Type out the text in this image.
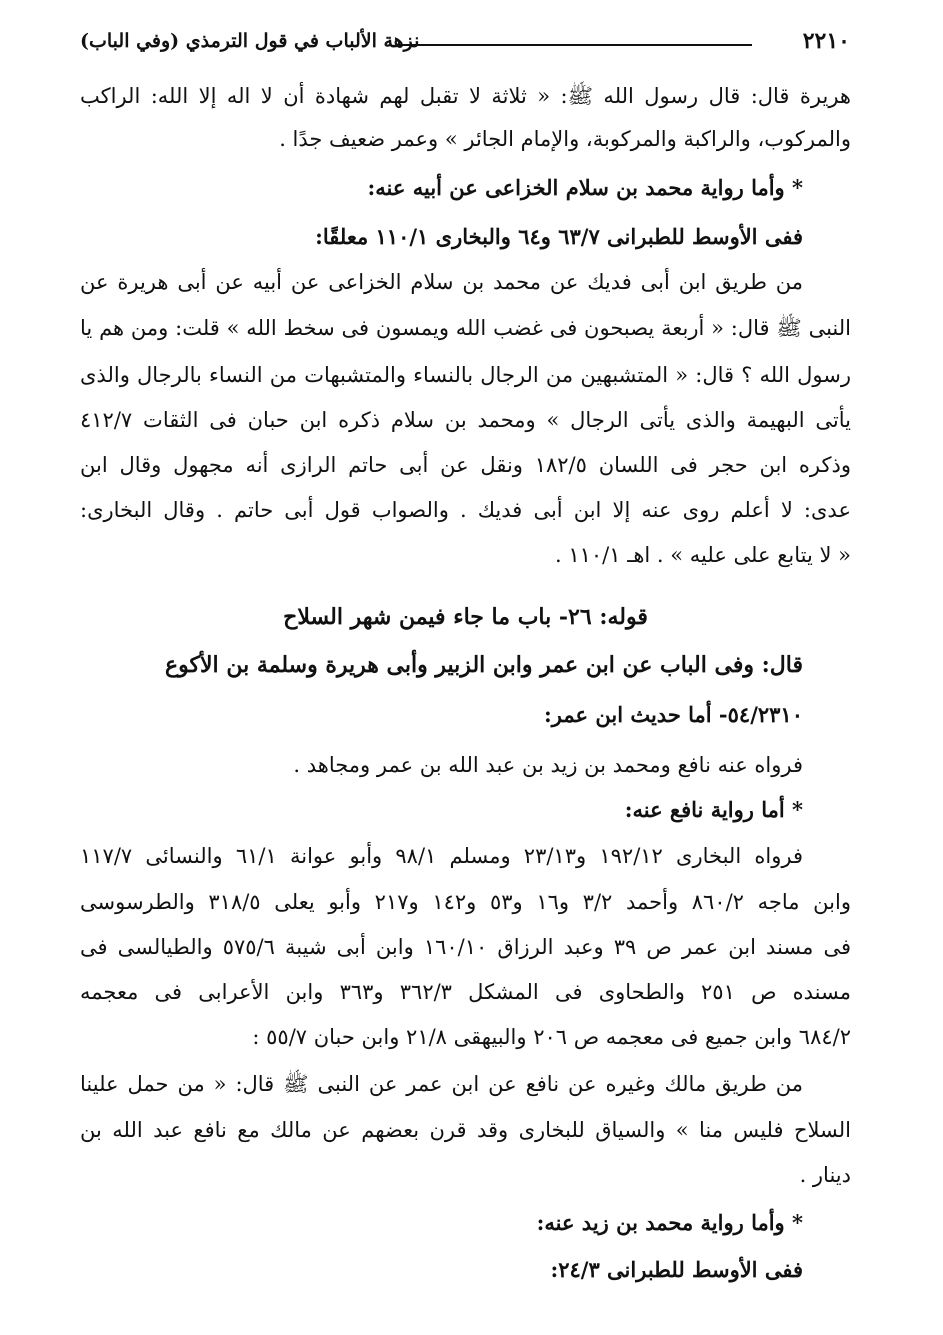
٢٢١٠
نزهة الألباب في قول الترمذي (وفي الباب)
هريرة قال: قال رسول الله ﷺ: « ثلاثة لا تقبل لهم شهادة أن لا اله إلا الله: الراكب
والمركوب، والراكبة والمركوبة، والإمام الجائر » وعمر ضعيف جدًا .
* وأما رواية محمد بن سلام الخزاعى عن أبيه عنه:
ففى الأوسط للطبرانى ٦٣/٧ و٦٤ والبخارى ١١٠/١ معلقًا:
من طريق ابن أبى فديك عن محمد بن سلام الخزاعى عن أبيه عن أبى هريرة عن
النبى ﷺ قال: « أربعة يصبحون فى غضب الله ويمسون فى سخط الله » قلت: ومن هم يا
رسول الله ؟ قال: « المتشبهين من الرجال بالنساء والمتشبهات من النساء بالرجال والذى
يأتى البهيمة والذى يأتى الرجال » ومحمد بن سلام ذكره ابن حبان فى الثقات ٤١٢/٧
وذكره ابن حجر فى اللسان ١٨٢/٥ ونقل عن أبى حاتم الرازى أنه مجهول وقال ابن
عدى: لا أعلم روى عنه إلا ابن أبى فديك . والصواب قول أبى حاتم . وقال البخارى:
« لا يتابع على عليه » . اهـ ١١٠/١ .
قوله: ٢٦- باب ما جاء فيمن شهر السلاح
قال: وفى الباب عن ابن عمر وابن الزبير وأبى هريرة وسلمة بن الأكوع
٥٤/٢٣١٠- أما حديث ابن عمر:
فرواه عنه نافع ومحمد بن زيد بن عبد الله بن عمر ومجاهد .
* أما رواية نافع عنه:
فرواه البخارى ١٩٢/١٢ و٢٣/١٣ ومسلم ٩٨/١ وأبو عوانة ٦١/١ والنسائى ١١٧/٧
وابن ماجه ٨٦٠/٢ وأحمد ٣/٢ و١٦ و٥٣ و١٤٢ و٢١٧ وأبو يعلى ٣١٨/٥ والطرسوسى
فى مسند ابن عمر ص ٣٩ وعبد الرزاق ١٦٠/١٠ وابن أبى شيبة ٥٧٥/٦ والطيالسى فى
مسنده ص ٢٥١ والطحاوى فى المشكل ٣٦٢/٣ و٣٦٣ وابن الأعرابى فى معجمه
٦٨٤/٢ وابن جميع فى معجمه ص ٢٠٦ والبيهقى ٢١/٨ وابن حبان ٥٥/٧ :
من طريق مالك وغيره عن نافع عن ابن عمر عن النبى ﷺ قال: « من حمل علينا
السلاح فليس منا » والسياق للبخارى وقد قرن بعضهم عن مالك مع نافع عبد الله بن
دينار .
* وأما رواية محمد بن زيد عنه:
ففى الأوسط للطبرانى ٢٤/٣:
